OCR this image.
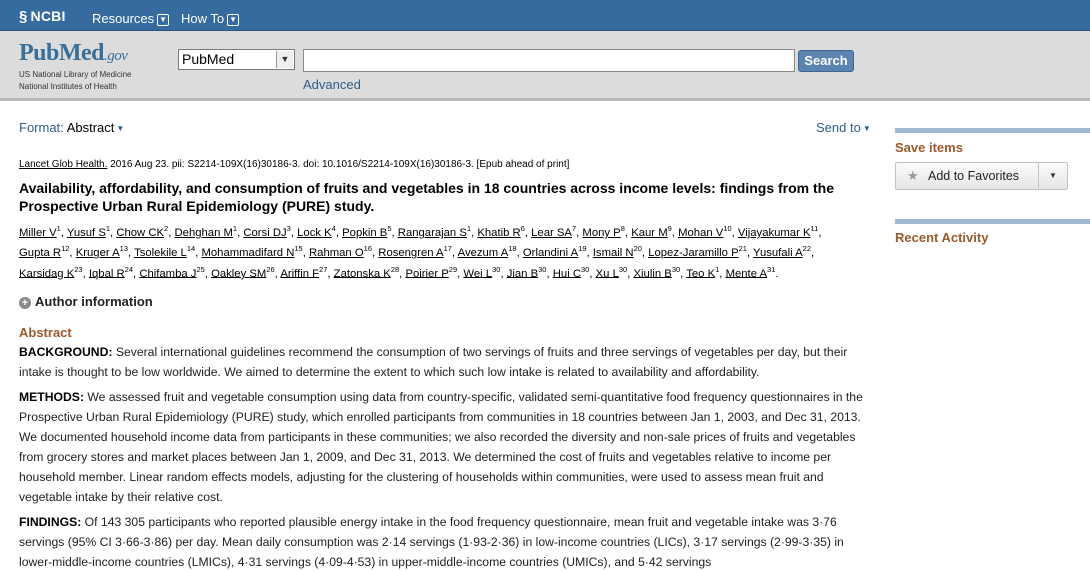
§ NCBI Resources ▼ How To ▼
PubMed.gov
US National Library of Medicine
National Institutes of Health
PubMed	▼	Search
Advanced
Format: Abstract ▼	Send to ▼
Lancet Glob Health. 2016 Aug 23. pii: S2214-109X(16)30186-3. doi: 10.1016/S2214-109X(16)30186-3. [Epub ahead of print]
Availability, affordability, and consumption of fruits and vegetables in 18 countries across income levels: findings from the Prospective Urban Rural Epidemiology (PURE) study.
Miller $V^1$, Yusuf $S^1$, Chow $CK^2$, Dehghan $M^1$, Corsi $DJ^3$, Lock $K^4$, Popkin $B^5$, Rangarajan $S^1$, Khatib $R^6$, Lear $SA^7$, Mony $P^8$, Kaur $M^9$, Mohan $V^{10}$, Vijayakumar $K^{11}$, Gupta $R^{12}$, Kruger $A^{13}$, Tsolekile $L^{14}$, Mohammadifard $N^{15}$, Rahman $O^{16}$, Rosengren $A^{17}$, Avezum $A^{18}$, Orlandini $A^{19}$, Ismail $N^{20}$, Lopez-Jaramillo $P^{21}$, Yusufali $A^{22}$, Karsidag $K^{23}$, Iqbal $R^{24}$, Chifamba $J^{25}$, Oakley SM$^{26}$, Ariffin $F^{27}$, Zatonska $K^{28}$, Poirier $P^{29}$, Wei $L^{30}$, Jian $B^{30}$, Hui $C^{30}$, Xu $L^{30}$, Xiulin $B^{30}$, Teo $K^1$, Mente $A^{31}$.
+ Author information
Abstract

BACKGROUND: Several international guidelines recommend the consumption of two servings of fruits and three servings of vegetables per day, but their intake is thought to be low worldwide. We aimed to determine the extent to which such low intake is related to availability and affordability.

METHODS: We assessed fruit and vegetable consumption using data from country-specific, validated semi-quantitative food frequency questionnaires in the Prospective Urban Rural Epidemiology (PURE) study, which enrolled participants from communities in 18 countries between Jan 1, 2003, and Dec 31, 2013. We documented household income data from participants in these communities; we also recorded the diversity and non-sale prices of fruits and vegetables from grocery stores and market places between Jan 1, 2009, and Dec 31, 2013. We determined the cost of fruits and vegetables relative to income per household member. Linear random effects models, adjusting for the clustering of households within communities, were used to assess mean fruit and vegetable intake by their relative cost.

FINDINGS: Of 143 305 participants who reported plausible energy intake in the food frequency questionnaire, mean fruit and vegetable intake was 3·76 servings (95% CI 3·66-3·86) per day. Mean daily consumption was 2·14 servings (1·93-2·36) in low-income countries (LICs), 3·17 servings (2·99-3·35) in lower-middle-income countries (LMICs), 4·31 servings (4·09-4·53) in upper-middle-income countries (UMICs), and 5·42 servings

Save items
★ Add to Favorites	▼
Recent Activity
